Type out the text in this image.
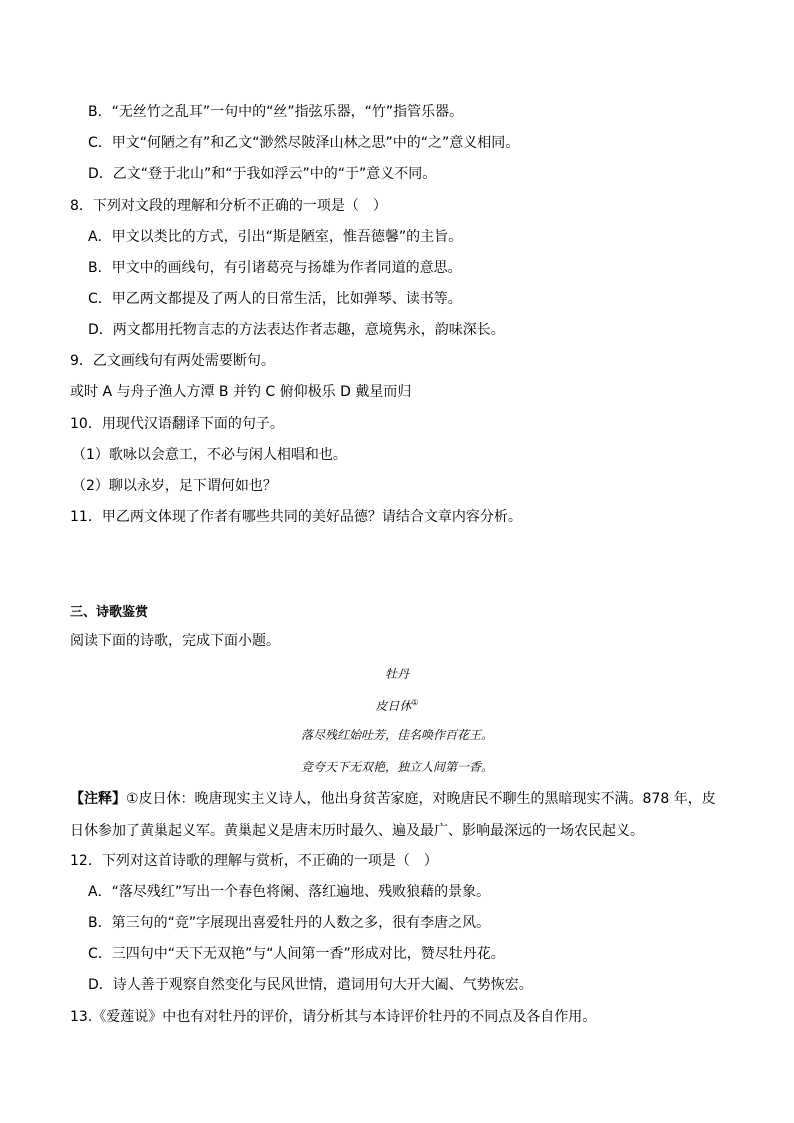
B．“无丝竹之乱耳”一句中的“丝”指弦乐器，“竹”指管乐器。
C．甲文“何陋之有”和乙文“渺然尽陂泽山林之思”中的“之”意义相同。
D．乙文“登于北山”和“于我如浮云”中的“于”意义不同。
8．下列对文段的理解和分析不正确的一项是（　）
A．甲文以类比的方式，引出“斯是陋室，惟吾德馨”的主旨。
B．甲文中的画线句，有引诸葛亮与扬雄为作者同道的意思。
C．甲乙两文都提及了两人的日常生活，比如弹琴、读书等。
D．两文都用托物言志的方法表达作者志趣，意境隽永，韵味深长。
9．乙文画线句有两处需要断句。
或时 A 与舟子渔人方潭 B 并钓 C 俯仰极乐 D 戴星而归
10．用现代汉语翻译下面的句子。
（1）歌咏以会意工，不必与闲人相唱和也。
（2）聊以永岁，足下谓何如也？
11．甲乙两文体现了作者有哪些共同的美好品德？请结合文章内容分析。
三、诗歌鉴赏
阅读下面的诗歌，完成下面小题。
牡丹
皮日休①
落尽残红始吐芳，佳名唤作百花王。
竞夸天下无双艳，独立人间第一香。
【注释】①皮日休：晚唐现实主义诗人，他出身贫苦家庭，对晚唐民不聊生的黑暗现实不满。878 年，皮日休参加了黄巢起义军。黄巢起义是唐末历时最久、遍及最广、影响最深远的一场农民起义。
12．下列对这首诗歌的理解与赏析，不正确的一项是（　）
A．“落尽残红”写出一个春色将阑、落红遍地、残败狼藉的景象。
B．第三句的“竞”字展现出喜爱牡丹的人数之多，很有李唐之风。
C．三四句中“天下无双艳”与“人间第一香”形成对比，赞尽牡丹花。
D．诗人善于观察自然变化与民风世情，遣词用句大开大阖、气势恢宏。
13.《爱莲说》中也有对牡丹的评价，请分析其与本诗评价牡丹的不同点及各自作用。
